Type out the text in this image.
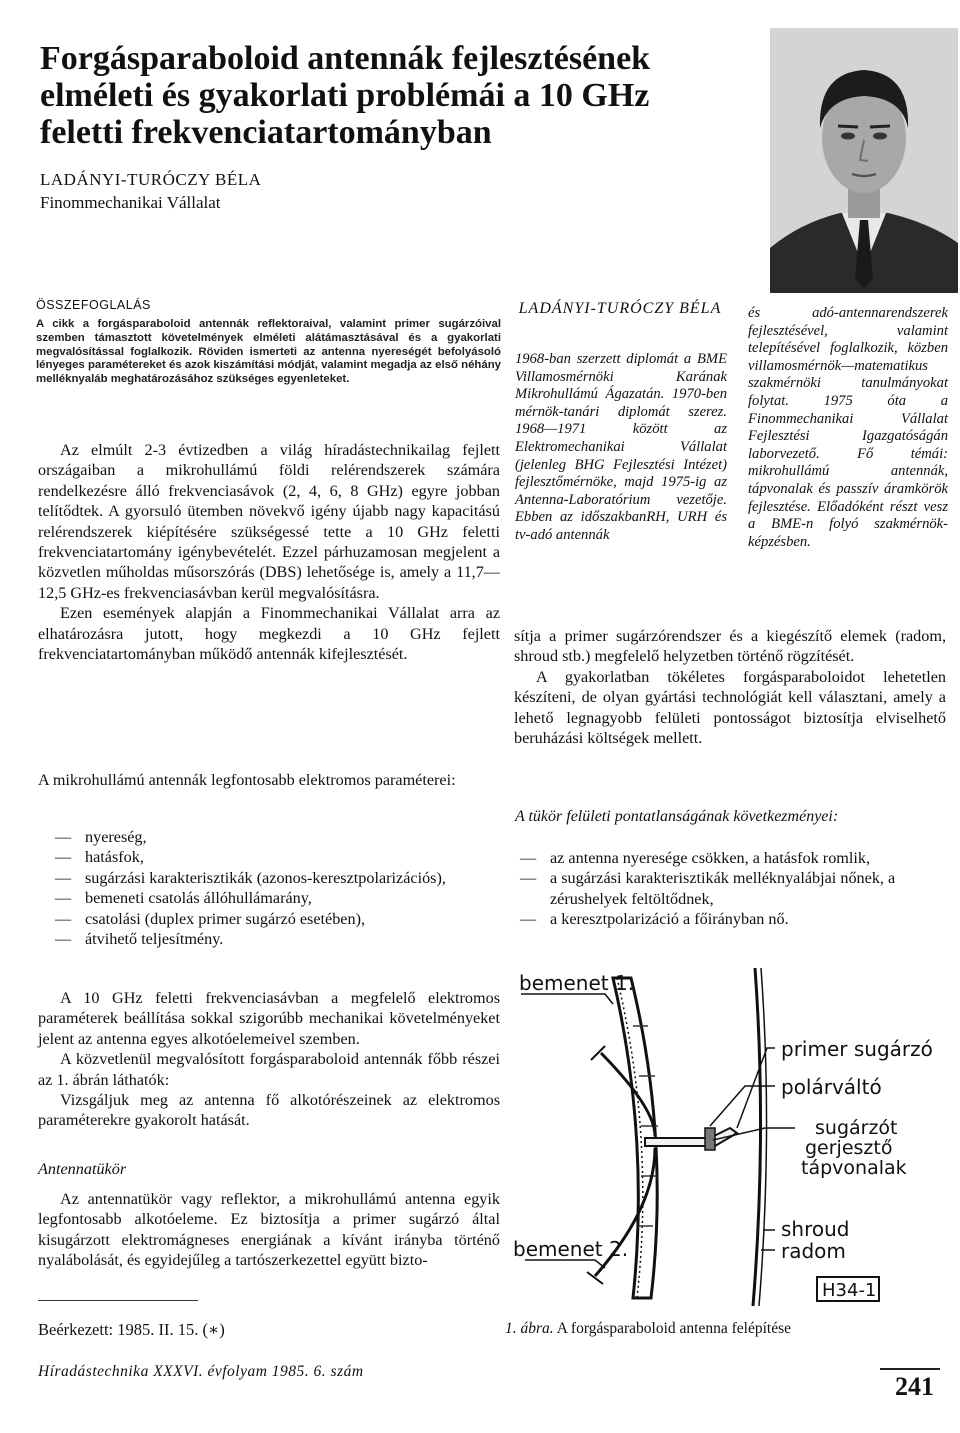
Forgásparaboloid antennák fejlesztésének elméleti és gyakorlati problémái a 10 GHz feletti frekvenciatartományban
LADÁNYI-TURÓCZY BÉLA
Finommechanikai Vállalat
ÖSSZEFOGLALÁS

A cikk a forgásparaboloid antennák reflektoraival, valamint primer sugárzóival szemben támasztott követelmények elméleti alátámasztásával és a gyakorlati megvalósítással foglalkozik. Röviden ismerteti az antenna nyereségét befolyásoló lényeges paramétereket és azok kiszámítási módját, valamint megadja az első néhány melléknyaláb meghatározásához szükséges egyenleteket.

Az elmúlt 2-3 évtizedben a világ híradástechnikailag fejlett országaiban a mikrohullámú földi relérendszerek számára rendelkezésre álló frekvenciasávok (2, 4, 6, 8 GHz) egyre jobban telítődtek. A gyorsuló ütemben növekvő igény újabb nagy kapacitású relérendszerek kiépítésére szükségessé tette a 10 GHz feletti frekvenciatartomány igénybevételét. Ezzel párhuzamosan megjelent a közvetlen műholdas műsorszórás (DBS) lehetősége is, amely a 11,7—12,5 GHz-es frekvenciasávban kerül megvalósításra.

Ezen események alapján a Finommechanikai Vállalat arra az elhatározásra jutott, hogy megkezdi a 10 GHz fejlett frekvenciatartományban működő antennák kifejlesztését.

A mikrohullámú antennák legfontosabb elektromos paraméterei:

— nyereség,
— hatásfok,
— sugárzási karakterisztikák (azonos-keresztpolarizációs),
— bemeneti csatolás állóhullámarány,
— csatolási (duplex primer sugárzó esetében),
— átvihető teljesítmény.

A 10 GHz feletti frekvenciasávban a megfelelő elektromos paraméterek beállítása sokkal szigorúbb mechanikai követelményeket jelent az antenna egyes alkotóelemeivel szemben.

A közvetlenül megvalósított forgásparaboloid antennák főbb részei az 1. ábrán láthatók:

Vizsgáljuk meg az antenna fő alkotórészeinek az elektromos paraméterekre gyakorolt hatását.

Antennatükör

Az antennatükör vagy reflektor, a mikrohullámú antenna egyik legfontosabb alkotóeleme. Ez biztosítja a primer sugárzó által kisugárzott elektromágneses energiának a kívánt irányba történő nyalábolását, és egyidejűleg a tartószerkezettel együtt bizto-

LADÁNYI-TURÓCZY BÉLA

1968-ban szerzett diplomát a BME Villamosmérnöki Karának Mikrohullámú Ágazatán. 1970-ben mérnök-tanári diplomát szerez. 1968—1971 között az Elektromechanikai Vállalat (jelenleg BHG Fejlesztési Intézet) fejlesztőmérnöke, majd 1975-ig az Antenna-Laboratórium vezetője. Ebben az időszakbanRH, URH és tv-adó antennák

és adó-antennarendszerek fejlesztésével, valamint telepítésével foglalkozik, közben villamosmérnök—matematikus szakmérnöki tanulmányokat folytat. 1975 óta a Finommechanikai Vállalat Fejlesztési Igazgatóságán laborvezető. Fő témái: mikrohullámú antennák, tápvonalak és passzív áramkörök fejlesztése. Előadóként részt vesz a BME-n folyó szakmérnök-képzésben.

sítja a primer sugárzórendszer és a kiegészítő elemek (radom, shroud stb.) megfelelő helyzetben történő rögzítését.

A gyakorlatban tökéletes forgásparaboloidot lehetetlen készíteni, de olyan gyártási technológiát kell választani, amely a lehető legnagyobb felületi pontosságot biztosítja elviselhető beruházási költségek mellett.

A tükör felületi pontatlanságának következményei:
— az antenna nyeresége csökken, a hatásfok romlik,
— a sugárzási karakterisztikák melléknyalábjai nőnek, a zérushelyek feltöltődnek,
— a keresztpolarizáció a főirányban nő.
bemenet 1.
bemenet 2.
primer sugárzó
polárváltó
sugárzót
gerjesztő
tápvonalak
shroud
radom
H34-1
1. ábra. A forgásparaboloid antenna felépítése
Beérkezett: 1985. II. 15. (∗)
Híradástechnika XXXVI. évfolyam 1985. 6. szám
241
